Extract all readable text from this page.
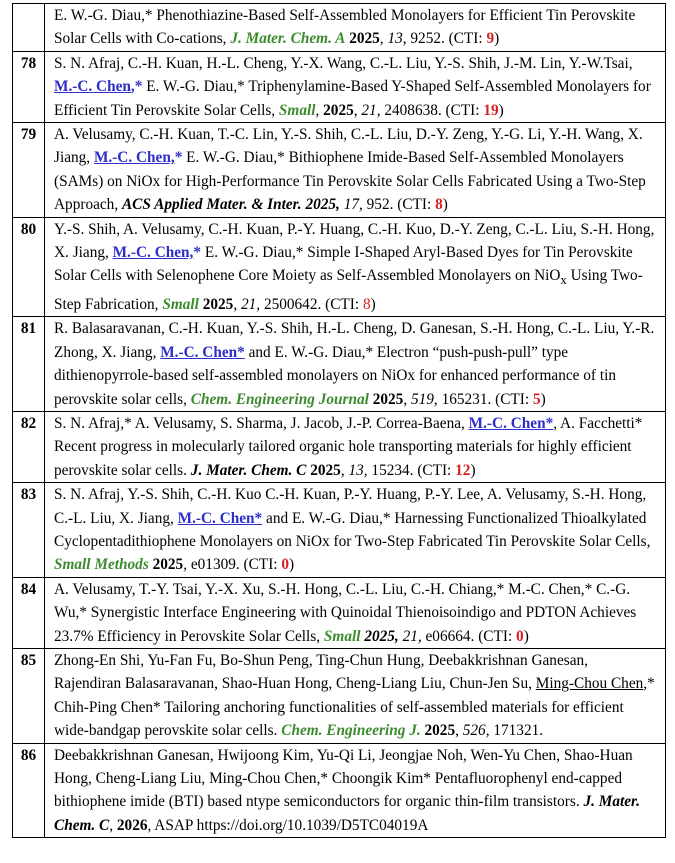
	E. W.-G. Diau,* Phenothiazine-Based Self-Assembled Monolayers for Efficient Tin Perovskite Solar Cells with Co-cations, J. Mater. Chem. A 2025, 13, 9252. (CTI: 9)
78	S. N. Afraj, C.-H. Kuan, H.-L. Cheng, Y.-X. Wang, C.-L. Liu, Y.-S. Shih, J.-M. Lin, Y.-W.Tsai, M.-C. Chen,* E. W.-G. Diau,* Triphenylamine-Based Y-Shaped Self-Assembled Monolayers for Efficient Tin Perovskite Solar Cells, Small, 2025, 21, 2408638. (CTI: 19)
79	A. Velusamy, C.-H. Kuan, T.-C. Lin, Y.-S. Shih, C.-L. Liu, D.-Y. Zeng, Y.-G. Li, Y.-H. Wang, X. Jiang, M.-C. Chen,* E. W.-G. Diau,* Bithiophene Imide-Based Self-Assembled Monolayers (SAMs) on NiOx for High-Performance Tin Perovskite Solar Cells Fabricated Using a Two-Step Approach, ACS Applied Mater. & Inter. 2025, 17, 952. (CTI: 8)
80	Y.-S. Shih, A. Velusamy, C.-H. Kuan, P.-Y. Huang, C.-H. Kuo, D.-Y. Zeng, C.-L. Liu, S.-H. Hong, X. Jiang, M.-C. Chen,* E. W.-G. Diau,* Simple I-Shaped Aryl-Based Dyes for Tin Perovskite Solar Cells with Selenophene Core Moiety as Self-Assembled Monolayers on NiO$_x$ Using Two-Step Fabrication, Small 2025, 21, 2500642. (CTI: 8)
81	R. Balasaravanan, C.-H. Kuan, Y.-S. Shih, H.-L. Cheng, D. Ganesan, S.-H. Hong, C.-L. Liu, Y.-R. Zhong, X. Jiang, M.-C. Chen* and E. W.-G. Diau,* Electron “push-push-pull” type dithienopyrrole-based self-assembled monolayers on NiOx for enhanced performance of tin perovskite solar cells, Chem. Engineering Journal 2025, 519, 165231. (CTI: 5)
82	S. N. Afraj,* A. Velusamy, S. Sharma, J. Jacob, J.-P. Correa-Baena, M.-C. Chen*, A. Facchetti* Recent progress in molecularly tailored organic hole transporting materials for highly efficient perovskite solar cells. J. Mater. Chem. C 2025, 13, 15234. (CTI: 12)
83	S. N. Afraj, Y.-S. Shih, C.-H. Kuo C.-H. Kuan, P.-Y. Huang, P.-Y. Lee, A. Velusamy, S.-H. Hong, C.-L. Liu, X. Jiang, M.-C. Chen* and E. W.-G. Diau,* Harnessing Functionalized Thioalkylated Cyclopentadithiophene Monolayers on NiOx for Two-Step Fabricated Tin Perovskite Solar Cells, Small Methods 2025, e01309. (CTI: 0)
84	A. Velusamy, T.-Y. Tsai, Y.-X. Xu, S.-H. Hong, C.-L. Liu, C.-H. Chiang,* M.-C. Chen,* C.-G. Wu,* Synergistic Interface Engineering with Quinoidal Thienoisoindigo and PDTON Achieves 23.7% Efficiency in Perovskite Solar Cells, Small 2025, 21, e06664. (CTI: 0)
85	Zhong-En Shi, Yu-Fan Fu, Bo-Shun Peng, Ting-Chun Hung, Deebakkrishnan Ganesan, Rajendiran Balasaravanan, Shao-Huan Hong, Cheng-Liang Liu, Chun-Jen Su, Ming-Chou Chen,* Chih-Ping Chen* Tailoring anchoring functionalities of self-assembled materials for efficient wide-bandgap perovskite solar cells. Chem. Engineering J. 2025, 526, 171321.
86	Deebakkrishnan Ganesan, Hwijoong Kim, Yu-Qi Li, Jeongjae Noh, Wen-Yu Chen, Shao-Huan Hong, Cheng-Liang Liu, Ming-Chou Chen,* Choongik Kim* Pentafluorophenyl end-capped bithiophene imide (BTI) based ntype semiconductors for organic thin-film transistors. J. Mater. Chem. C, 2026, ASAP https://doi.org/10.1039/D5TC04019A
